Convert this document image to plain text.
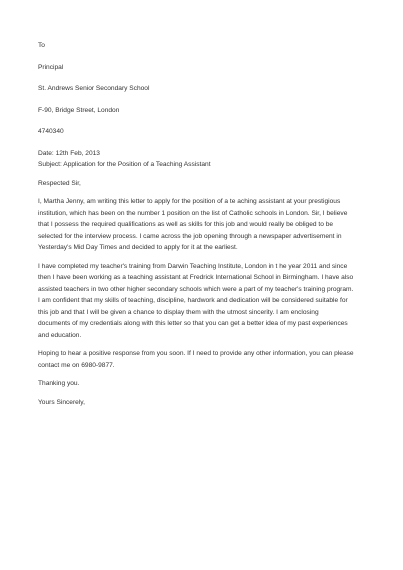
To
Principal
St. Andrews Senior Secondary School
F-90, Bridge Street, London
4740340
Date: 12th Feb, 2013
Subject: Application for the Position of a Teaching Assistant
Respected Sir,
I, Martha Jenny, am writing this letter to apply for the position of a te aching assistant at your prestigious
institution, which has been on the number 1 position on the list of Catholic schools in London. Sir, I believe
that I possess the required qualifications as well as skills for this job and would really be obliged to be
selected for the interview process. I came across the job opening through a newspaper advertisement in
Yesterday's Mid Day Times and decided to apply for it at the earliest.
I have completed my teacher's training from Darwin Teaching Institute, London in t he year 2011 and since
then I have been working as a teaching assistant at Fredrick International School in Birmingham. I have also
assisted teachers in two other higher secondary schools which were a part of my teacher's training program.
I am confident that my skills of teaching, discipline, hardwork and dedication will be considered suitable for
this job and that I will be given a chance to display them with the utmost sincerity. I am enclosing
documents of my credentials along with this letter so that you can get a better idea of my past experiences
and education.
Hoping to hear a positive response from you soon. If I need to provide any other information, you can please
contact me on 6980-9877.
Thanking you.
Yours Sincerely,
